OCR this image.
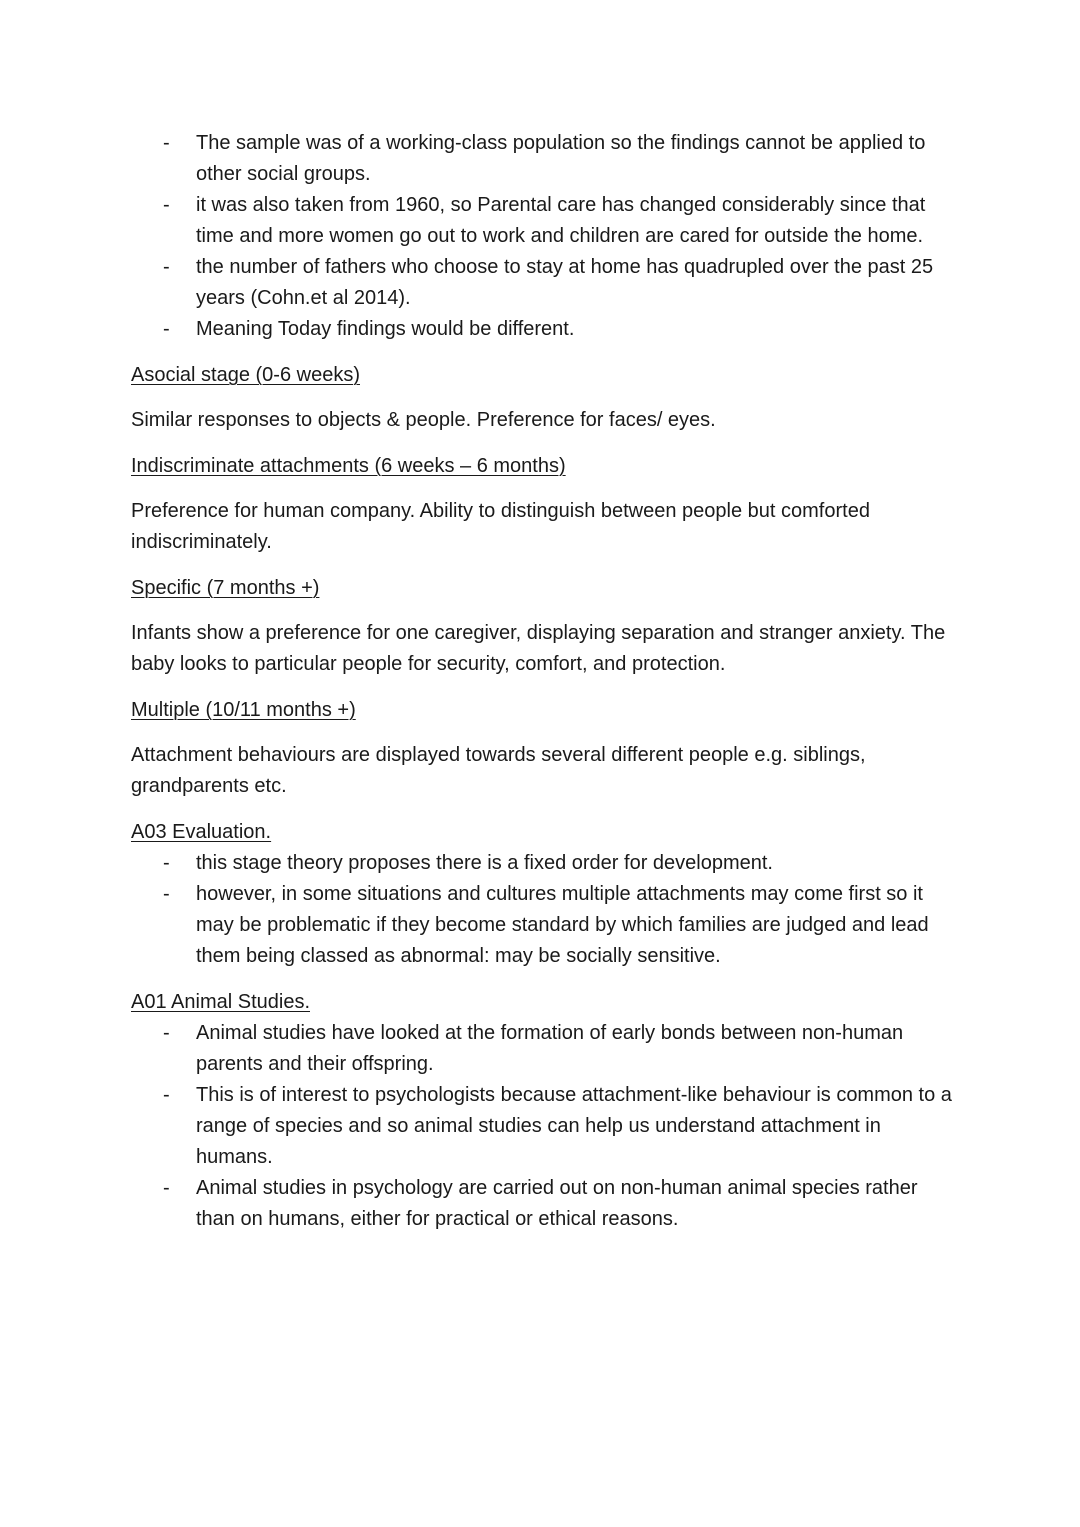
- The sample was of a working-class population so the findings cannot be applied to other social groups.
- it was also taken from 1960, so Parental care has changed considerably since that time and more women go out to work and children are cared for outside the home.
- the number of fathers who choose to stay at home has quadrupled over the past 25 years (Cohn.et al 2014).
- Meaning Today findings would be different.

Asocial stage (0-6 weeks)

Similar responses to objects & people. Preference for faces/ eyes.

Indiscriminate attachments (6 weeks – 6 months)

Preference for human company. Ability to distinguish between people but comforted indiscriminately.

Specific (7 months +)

Infants show a preference for one caregiver, displaying separation and stranger anxiety. The baby looks to particular people for security, comfort, and protection.

Multiple (10/11 months +)

Attachment behaviours are displayed towards several different people e.g. siblings, grandparents etc.

A03 Evaluation.

- this stage theory proposes there is a fixed order for development.
- however, in some situations and cultures multiple attachments may come first so it may be problematic if they become standard by which families are judged and lead them being classed as abnormal: may be socially sensitive.

A01 Animal Studies.

- Animal studies have looked at the formation of early bonds between non-human parents and their offspring.
- This is of interest to psychologists because attachment-like behaviour is common to a range of species and so animal studies can help us understand attachment in humans.
- Animal studies in psychology are carried out on non-human animal species rather than on humans, either for practical or ethical reasons.
